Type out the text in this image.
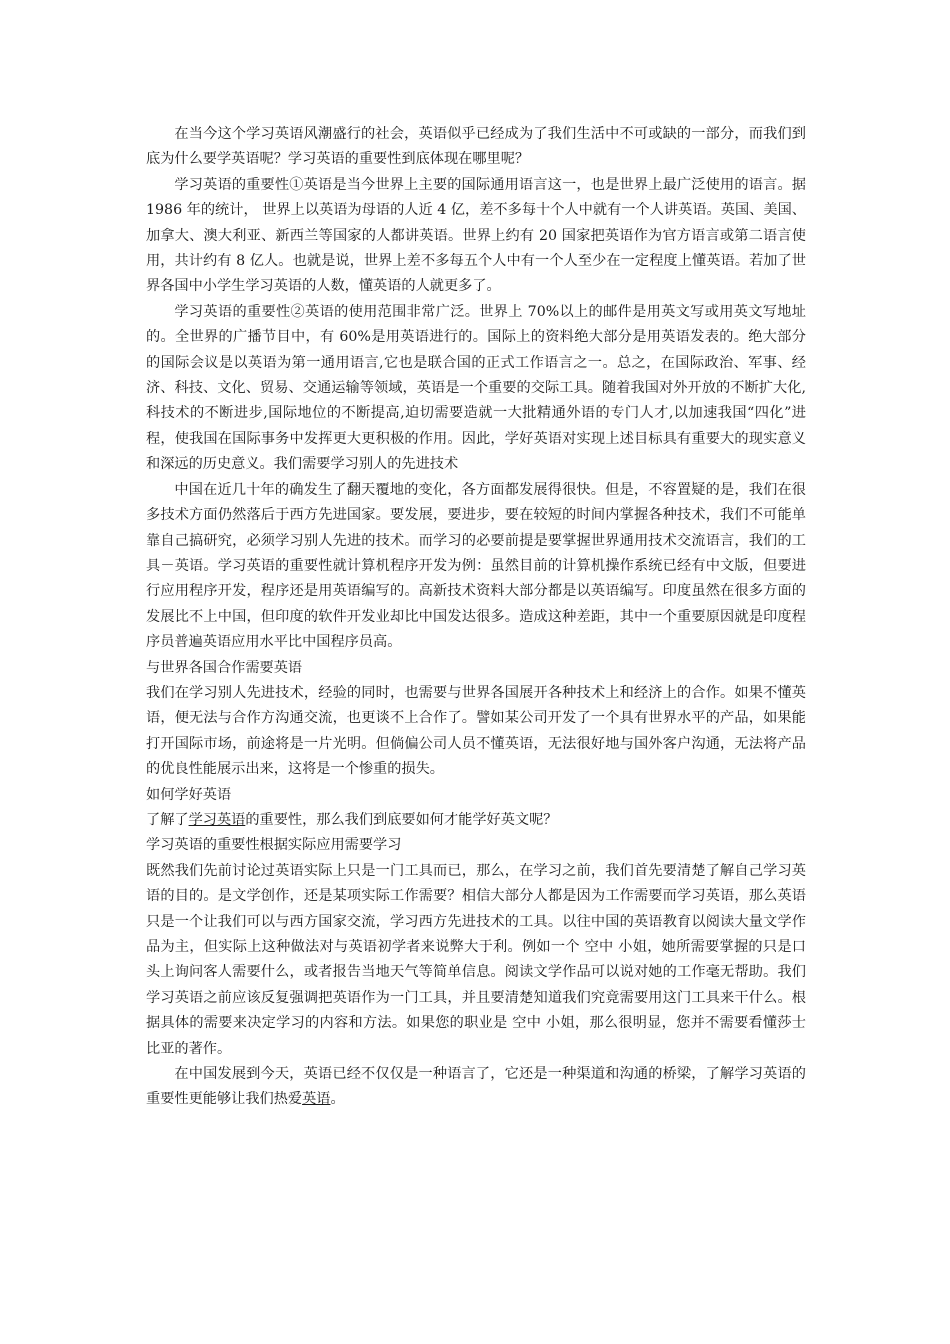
在当今这个学习英语风潮盛行的社会，英语似乎已经成为了我们生活中不可或缺的一部分，而我们到底为什么要学英语呢？学习英语的重要性到底体现在哪里呢？

学习英语的重要性①英语是当今世界上主要的国际通用语言这一，也是世界上最广泛使用的语言。据 1986 年的统计， 世界上以英语为母语的人近 4 亿，差不多每十个人中就有一个人讲英语。英国、美国、加拿大、澳大利亚、新西兰等国家的人都讲英语。世界上约有 20 国家把英语作为官方语言或第二语言使用，共计约有 8 亿人。也就是说，世界上差不多每五个人中有一个人至少在一定程度上懂英语。若加了世界各国中小学生学习英语的人数，懂英语的人就更多了。

学习英语的重要性②英语的使用范围非常广泛。世界上 70%以上的邮件是用英文写或用英文写地址的。全世界的广播节目中，有 60%是用英语进行的。国际上的资料绝大部分是用英语发表的。绝大部分的国际会议是以英语为第一通用语言,它也是联合国的正式工作语言之一。总之，在国际政治、军事、经济、科技、文化、贸易、交通运输等领域，英语是一个重要的交际工具。随着我国对外开放的不断扩大化,科技术的不断进步,国际地位的不断提高,迫切需要造就一大批精通外语的专门人才,以加速我国“四化”进程，使我国在国际事务中发挥更大更积极的作用。因此，学好英语对实现上述目标具有重要大的现实意义和深远的历史意义。我们需要学习别人的先进技术

中国在近几十年的确发生了翻天覆地的变化，各方面都发展得很快。但是，不容置疑的是，我们在很多技术方面仍然落后于西方先进国家。要发展，要进步，要在较短的时间内掌握各种技术，我们不可能单靠自己搞研究，必须学习别人先进的技术。而学习的必要前提是要掌握世界通用技术交流语言，我们的工具－英语。学习英语的重要性就计算机程序开发为例：虽然目前的计算机操作系统已经有中文版，但要进行应用程序开发，程序还是用英语编写的。高新技术资料大部分都是以英语编写。印度虽然在很多方面的发展比不上中国，但印度的软件开发业却比中国发达很多。造成这种差距，其中一个重要原因就是印度程序员普遍英语应用水平比中国程序员高。

与世界各国合作需要英语

我们在学习别人先进技术，经验的同时，也需要与世界各国展开各种技术上和经济上的合作。如果不懂英语，便无法与合作方沟通交流，也更谈不上合作了。譬如某公司开发了一个具有世界水平的产品，如果能打开国际市场，前途将是一片光明。但倘偏公司人员不懂英语，无法很好地与国外客户沟通，无法将产品的优良性能展示出来，这将是一个惨重的损失。

如何学好英语

了解了学习英语的重要性，那么我们到底要如何才能学好英文呢？

学习英语的重要性根据实际应用需要学习

既然我们先前讨论过英语实际上只是一门工具而已，那么，在学习之前，我们首先要清楚了解自己学习英语的目的。是文学创作，还是某项实际工作需要？相信大部分人都是因为工作需要而学习英语，那么英语只是一个让我们可以与西方国家交流，学习西方先进技术的工具。以往中国的英语教育以阅读大量文学作品为主，但实际上这种做法对与英语初学者来说弊大于利。例如一个 空中 小姐，她所需要掌握的只是口头上询问客人需要什么，或者报告当地天气等简单信息。阅读文学作品可以说对她的工作毫无帮助。我们学习英语之前应该反复强调把英语作为一门工具，并且要清楚知道我们究竟需要用这门工具来干什么。根据具体的需要来决定学习的内容和方法。如果您的职业是 空中 小姐，那么很明显，您并不需要看懂莎士比亚的著作。

在中国发展到今天，英语已经不仅仅是一种语言了，它还是一种渠道和沟通的桥梁，了解学习英语的重要性更能够让我们热爱英语。
